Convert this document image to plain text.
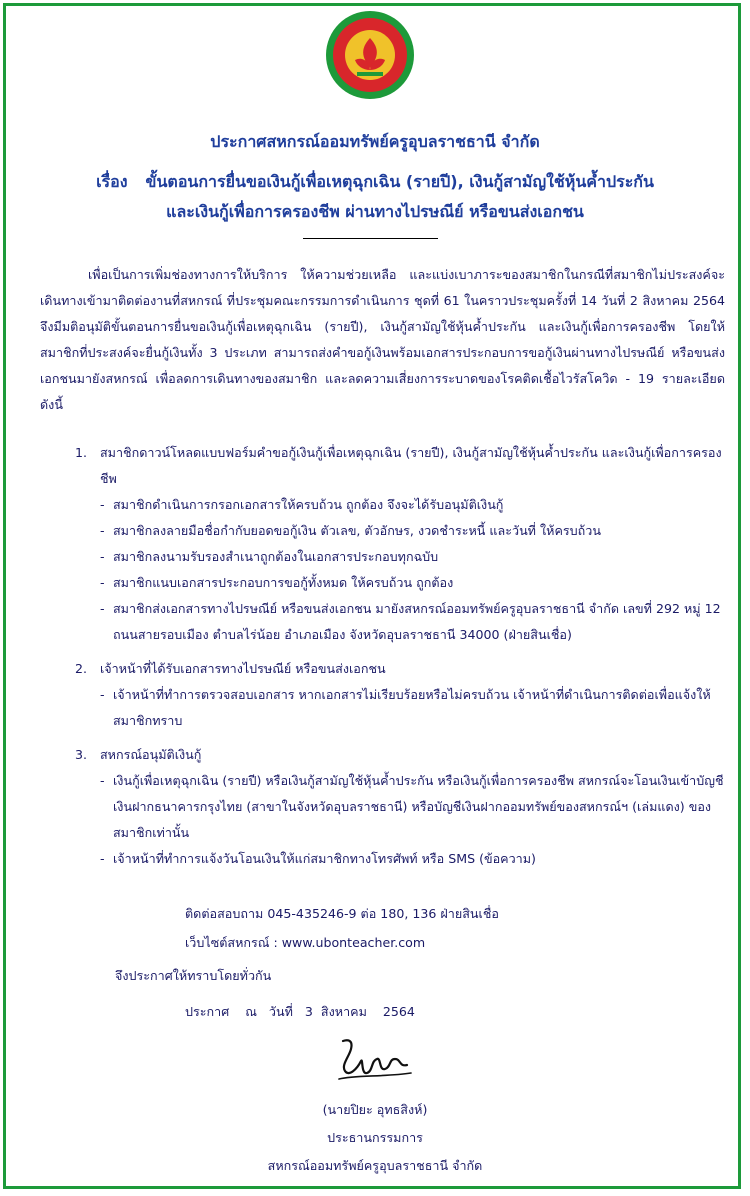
ประกาศสหกรณ์ออมทรัพย์ครูอุบลราชธานี จำกัด
เรื่อง ขั้นตอนการยื่นขอเงินกู้เพื่อเหตุฉุกเฉิน (รายปี), เงินกู้สามัญใช้หุ้นค้ำประกัน
และเงินกู้เพื่อการครองชีพ ผ่านทางไปรษณีย์ หรือขนส่งเอกชน
เพื่อเป็นการเพิ่มช่องทางการให้บริการ ให้ความช่วยเหลือ และแบ่งเบาภาระของสมาชิกในกรณีที่สมาชิกไม่ประสงค์จะเดินทางเข้ามาติดต่องานที่สหกรณ์ ที่ประชุมคณะกรรมการดำเนินการ ชุดที่ 61 ในคราวประชุมครั้งที่ 14 วันที่ 2 สิงหาคม 2564 จึงมีมติอนุมัติขั้นตอนการยื่นขอเงินกู้เพื่อเหตุฉุกเฉิน (รายปี), เงินกู้สามัญใช้หุ้นค้ำประกัน และเงินกู้เพื่อการครองชีพ โดยให้สมาชิกที่ประสงค์จะยื่นกู้เงินทั้ง 3 ประเภท สามารถส่งคำขอกู้เงินพร้อมเอกสารประกอบการขอกู้เงินผ่านทางไปรษณีย์ หรือขนส่งเอกชนมายังสหกรณ์ เพื่อลดการเดินทางของสมาชิก และลดความเสี่ยงการระบาดของโรคติดเชื้อไวรัสโควิด - 19 รายละเอียดดังนี้
1.	สมาชิกดาวน์โหลดแบบฟอร์มคำขอกู้เงินกู้เพื่อเหตุฉุกเฉิน (รายปี), เงินกู้สามัญใช้หุ้นค้ำประกัน และเงินกู้เพื่อการครองชีพ
- สมาชิกดำเนินการกรอกเอกสารให้ครบถ้วน ถูกต้อง จึงจะได้รับอนุมัติเงินกู้
- สมาชิกลงลายมือชื่อกำกับยอดขอกู้เงิน ตัวเลข, ตัวอักษร, งวดชำระหนี้ และวันที่ ให้ครบถ้วน
- สมาชิกลงนามรับรองสำเนาถูกต้องในเอกสารประกอบทุกฉบับ
- สมาชิกแนบเอกสารประกอบการขอกู้ทั้งหมด ให้ครบถ้วน ถูกต้อง
- สมาชิกส่งเอกสารทางไปรษณีย์ หรือขนส่งเอกชน มายังสหกรณ์ออมทรัพย์ครูอุบลราชธานี จำกัด เลขที่ 292 หมู่ 12 ถนนสายรอบเมือง ตำบลไร่น้อย อำเภอเมือง จังหวัดอุบลราชธานี 34000 (ฝ่ายสินเชื่อ)
2.	เจ้าหน้าที่ได้รับเอกสารทางไปรษณีย์ หรือขนส่งเอกชน
- เจ้าหน้าที่ทำการตรวจสอบเอกสาร หากเอกสารไม่เรียบร้อยหรือไม่ครบถ้วน เจ้าหน้าที่ดำเนินการติดต่อเพื่อแจ้งให้สมาชิกทราบ
3.	สหกรณ์อนุมัติเงินกู้
- เงินกู้เพื่อเหตุฉุกเฉิน (รายปี) หรือเงินกู้สามัญใช้หุ้นค้ำประกัน หรือเงินกู้เพื่อการครองชีพ สหกรณ์จะโอนเงินเข้าบัญชีเงินฝากธนาคารกรุงไทย (สาขาในจังหวัดอุบลราชธานี) หรือบัญชีเงินฝากออมทรัพย์ของสหกรณ์ฯ (เล่มแดง) ของสมาชิกเท่านั้น
- เจ้าหน้าที่ทำการแจ้งวันโอนเงินให้แก่สมาชิกทางโทรศัพท์ หรือ SMS (ข้อความ)
ติดต่อสอบถาม 045-435246-9 ต่อ 180, 136 ฝ่ายสินเชื่อ
เว็บไซต์สหกรณ์ : www.ubonteacher.com
จึงประกาศให้ทราบโดยทั่วกัน
ประกาศ    ณ   วันที่   3  สิงหาคม    2564
(นายปิยะ อุทธสิงห์)
ประธานกรรมการ
สหกรณ์ออมทรัพย์ครูอุบลราชธานี จำกัด
